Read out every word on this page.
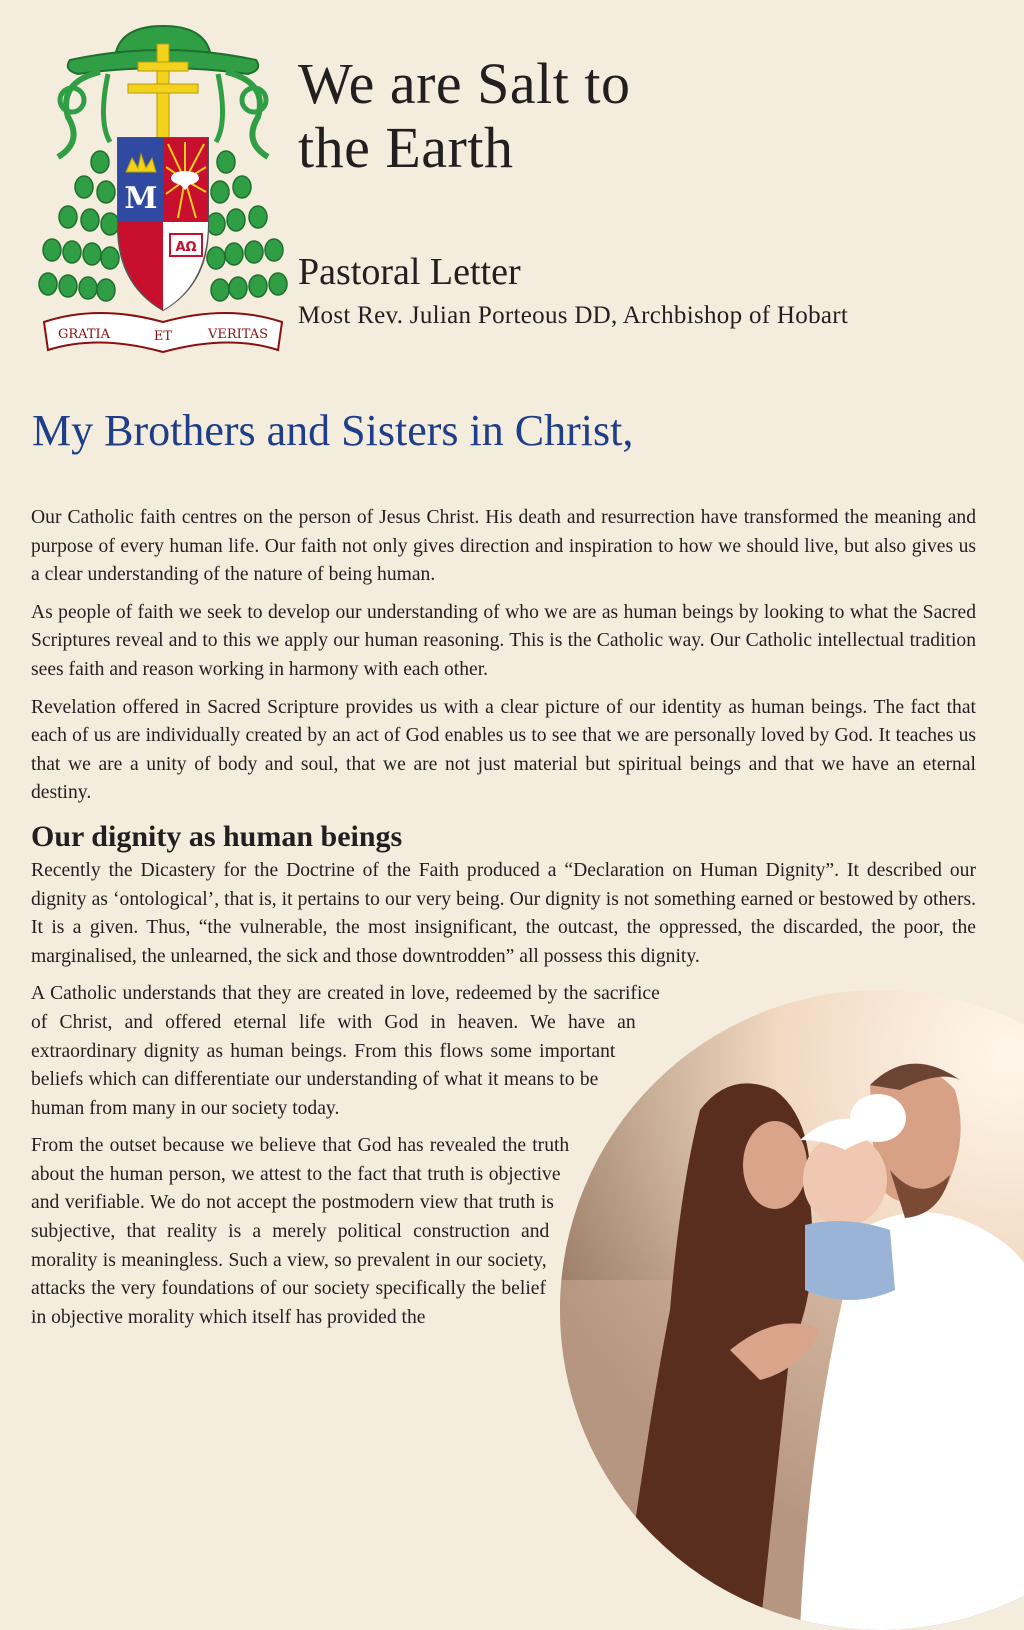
M
AΩ
GRATIA	ET	VERITAS
We are Salt to
the Earth
Pastoral Letter
Most Rev. Julian Porteous DD, Archbishop of Hobart
My Brothers and Sisters in Christ,

Our Catholic faith centres on the person of Jesus Christ. His death and resurrection have transformed the meaning and purpose of every human life. Our faith not only gives direction and inspiration to how we should live, but also gives us a clear understanding of the nature of being human.

As people of faith we seek to develop our understanding of who we are as human beings by looking to what the Sacred Scriptures reveal and to this we apply our human reasoning. This is the Catholic way. Our Catholic intellectual tradition sees faith and reason working in harmony with each other.

Revelation offered in Sacred Scripture provides us with a clear picture of our identity as human beings. The fact that each of us are individually created by an act of God enables us to see that we are personally loved by God. It teaches us that we are a unity of body and soul, that we are not just material but spiritual beings and that we have an eternal destiny.

Our dignity as human beings

Recently the Dicastery for the Doctrine of the Faith produced a “Declaration on Human Dignity”. It described our dignity as ‘ontological’, that is, it pertains to our very being. Our dignity is not something earned or bestowed by others. It is a given. Thus, “the vulnerable, the most insignificant, the outcast, the oppressed, the discarded, the poor, the marginalised, the unlearned, the sick and those downtrodden” all possess this dignity.

A Catholic understands that they are created in love, redeemed by the sacrifice of Christ, and offered eternal life with God in heaven. We have an extraordinary dignity as human beings. From this flows some important beliefs which can differentiate our understanding of what it means to be human from many in our society today.

From the outset because we believe that God has revealed the truth about the human person, we attest to the fact that truth is objective and verifiable. We do not accept the postmodern view that truth is subjective, that reality is a merely political construction and morality is meaningless. Such a view, so prevalent in our society, attacks the very foundations of our society specifically the belief in objective morality which itself has provided the
